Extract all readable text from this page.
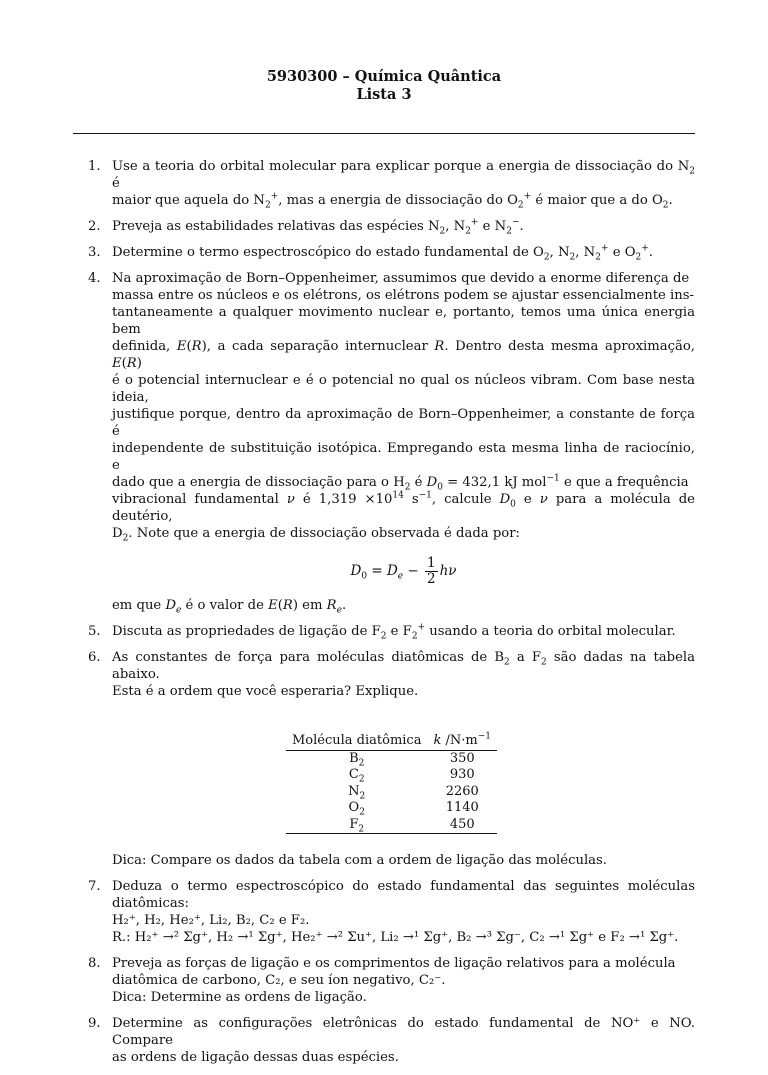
5930300 – Química Quântica
Lista 3
1. Use a teoria do orbital molecular para explicar porque a energia de dissociação do $N_2$ é
maior que aquela do $N_2^+$, mas a energia de dissociação do $O_2^+$ é maior que a do $O_2$.
2. Preveja as estabilidades relativas das espécies $N_2$, $N_2^+$ e $N_2^-$.
3. Determine o termo espectroscópico do estado fundamental de $O_2$, $N_2$, $N_2^+$ e $O_2^+$.
4. Na aproximação de Born–Oppenheimer, assumimos que devido a enorme diferença de
massa entre os núcleos e os elétrons, os elétrons podem se ajustar essencialmente ins-
tantaneamente a qualquer movimento nuclear e, portanto, temos uma única energia bem
definida, E(R), a cada separação internuclear R. Dentro desta mesma aproximação, E(R)
é o potencial internuclear e é o potencial no qual os núcleos vibram. Com base nesta ideia,
justifique porque, dentro da aproximação de Born–Oppenheimer, a constante de força é
independente de substituição isotópica. Empregando esta mesma linha de raciocínio, e
dado que a energia de dissociação para o $H_2$ é $D_0 = 432,1$ kJ mol$^{-1}$ e que a frequência
vibracional fundamental ν é $1,319 \times 10^{14}$ $s^{-1}$, calcule $D_0$ e ν para a molécula de deutério,
$D_2$. Note que a energia de dissociação observada é dada por:
$D_0 = D_e - \frac{1}{2}$ hν
em que $D_e$ é o valor de E(R) em $R_e$.
5. Discuta as propriedades de ligação de $F_2$ e $F_2^+$ usando a teoria do orbital molecular.
6. As constantes de força para moléculas diatômicas de $B_2$ a $F_2$ são dadas na tabela abaixo.
Esta é a ordem que você esperaria? Explique.
Molécula diatômica	k $/N\cdot m^{-1}$
$B_2$	350
$C_2$	930
$N_2$	2260
$O_2$	1140
$F_2$	450
Dica: Compare os dados da tabela com a ordem de ligação das moléculas.
7. Deduza o termo espectroscópico do estado fundamental das seguintes moléculas diatômicas:
H₂⁺, H₂, He₂⁺, Li₂, B₂, C₂ e F₂.
R.: H₂⁺ →² Σg⁺, H₂ →¹ Σg⁺, He₂⁺ →² Σu⁺, Li₂ →¹ Σg⁺, B₂ →³ Σg⁻, C₂ →¹ Σg⁺ e F₂ →¹ Σg⁺.
8. Preveja as forças de ligação e os comprimentos de ligação relativos para a molécula
diatômica de carbono, C₂, e seu íon negativo, C₂⁻.
Dica: Determine as ordens de ligação.
9. Determine as configurações eletrônicas do estado fundamental de NO⁺ e NO. Compare
as ordens de ligação dessas duas espécies.
